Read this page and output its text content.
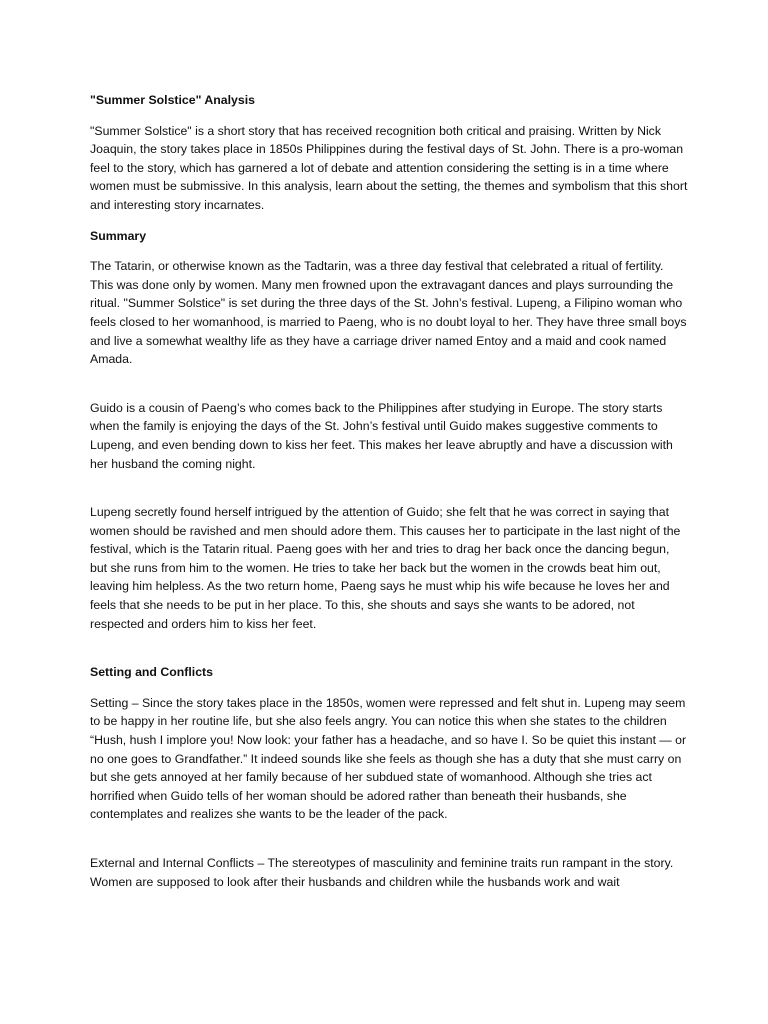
"Summer Solstice" Analysis

"Summer Solstice" is a short story that has received recognition both critical and praising. Written by Nick Joaquin, the story takes place in 1850s Philippines during the festival days of St. John. There is a pro-woman feel to the story, which has garnered a lot of debate and attention considering the setting is in a time where women must be submissive. In this analysis, learn about the setting, the themes and symbolism that this short and interesting story incarnates.

Summary

The Tatarin, or otherwise known as the Tadtarin, was a three day festival that celebrated a ritual of fertility. This was done only by women. Many men frowned upon the extravagant dances and plays surrounding the ritual. "Summer Solstice" is set during the three days of the St. John’s festival. Lupeng, a Filipino woman who feels closed to her womanhood, is married to Paeng, who is no doubt loyal to her. They have three small boys and live a somewhat wealthy life as they have a carriage driver named Entoy and a maid and cook named Amada.

Guido is a cousin of Paeng’s who comes back to the Philippines after studying in Europe. The story starts when the family is enjoying the days of the St. John’s festival until Guido makes suggestive comments to Lupeng, and even bending down to kiss her feet. This makes her leave abruptly and have a discussion with her husband the coming night.

Lupeng secretly found herself intrigued by the attention of Guido; she felt that he was correct in saying that women should be ravished and men should adore them. This causes her to participate in the last night of the festival, which is the Tatarin ritual. Paeng goes with her and tries to drag her back once the dancing begun, but she runs from him to the women. He tries to take her back but the women in the crowds beat him out, leaving him helpless. As the two return home, Paeng says he must whip his wife because he loves her and feels that she needs to be put in her place. To this, she shouts and says she wants to be adored, not respected and orders him to kiss her feet.

Setting and Conflicts

Setting – Since the story takes place in the 1850s, women were repressed and felt shut in. Lupeng may seem to be happy in her routine life, but she also feels angry. You can notice this when she states to the children “Hush, hush I implore you! Now look: your father has a headache, and so have I. So be quiet this instant — or no one goes to Grandfather.” It indeed sounds like she feels as though she has a duty that she must carry on but she gets annoyed at her family because of her subdued state of womanhood. Although she tries act horrified when Guido tells of her woman should be adored rather than beneath their husbands, she contemplates and realizes she wants to be the leader of the pack.

External and Internal Conflicts – The stereotypes of masculinity and feminine traits run rampant in the story. Women are supposed to look after their husbands and children while the husbands work and wait
